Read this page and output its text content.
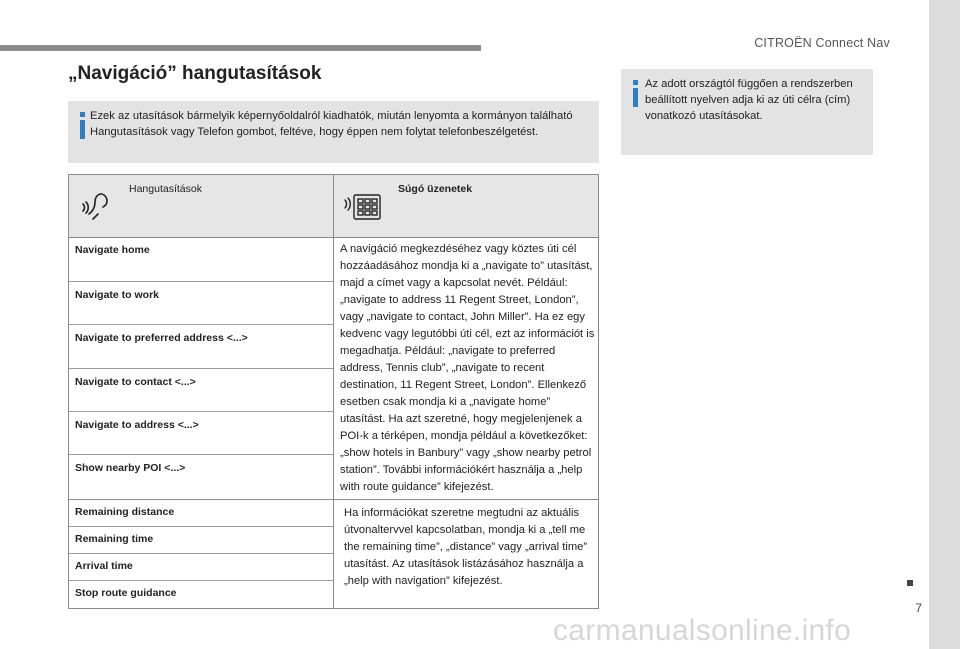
CITROËN Connect Nav
„Navigáció” hangutasítások
Ezek az utasítások bármelyik képernyőoldalról kiadhatók, miután lenyomta a kormányon található Hangutasítások vagy Telefon gombot, feltéve, hogy éppen nem folytat telefonbeszélgetést.
Az adott országtól függően a rendszerben beállított nyelven adja ki az úti célra (cím) vonatkozó utasításokat.
Hangutasítások	Súgó üzenetek
Navigate home
Navigate to work
Navigate to preferred address <...>
Navigate to contact <...>
Navigate to address <...>
Show nearby POI <...>
A navigáció megkezdéséhez vagy köztes úti cél hozzáadásához mondja ki a „navigate to” utasítást, majd a címet vagy a kapcsolat nevét. Például: „navigate to address 11 Regent Street, London”, vagy „navigate to contact, John Miller”. Ha ez egy kedvenc vagy legutóbbi úti cél, ezt az információt is megadhatja. Például: „navigate to preferred address, Tennis club”, „navigate to recent destination, 11 Regent Street, London”. Ellenkező esetben csak mondja ki a „navigate home” utasítást. Ha azt szeretné, hogy megjelenjenek a POI-k a térképen, mondja például a következőket: „show hotels in Banbury” vagy „show nearby petrol station”. További információkért használja a „help with route guidance” kifejezést.
Remaining distance
Remaining time
Arrival time
Stop route guidance
Ha információkat szeretne megtudni az aktuális útvonaltervvel kapcsolatban, mondja ki a „tell me the remaining time”, „distance” vagy „arrival time” utasítást. Az utasítások listázásához használja a „help with navigation” kifejezést.
7
carmanualsonline.info
